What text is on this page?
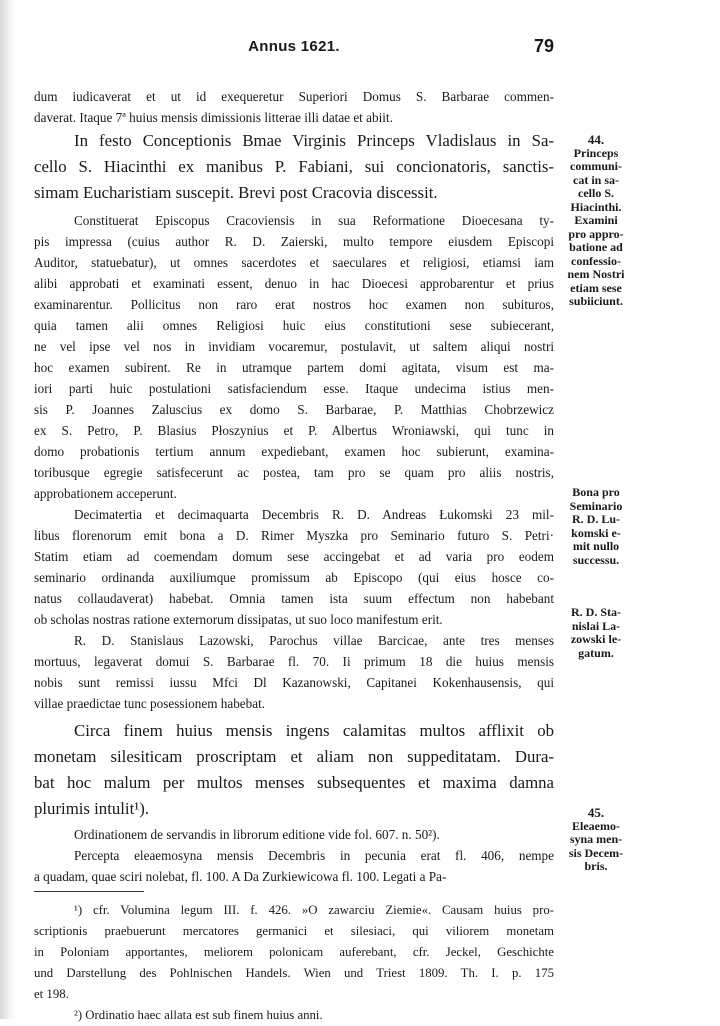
Annus 1621.	79
dum iudicaverat et ut id exequeretur Superiori Domus S. Barbarae commen-
daverat. Itaque 7ª huius mensis dimissionis litterae illi datae et abiit.
In festo Conceptionis Bmae Virginis Princeps Vladislaus in Sa-
cello S. Hiacinthi ex manibus P. Fabiani, sui concionatoris, sanctis-
simam Eucharistiam suscepit. Brevi post Cracovia discessit.
Constituerat Episcopus Cracoviensis in sua Reformatione Dioecesana ty-
pis impressa (cuius author R. D. Zaierski, multo tempore eiusdem Episcopi
Auditor, statuebatur), ut omnes sacerdotes et saeculares et religiosi, etiamsi iam
alibi approbati et examinati essent, denuo in hac Dioecesi approbarentur et prius
examinarentur. Pollicitus non raro erat nostros hoc examen non subituros,
quia tamen alii omnes Religiosi huic eius constitutioni sese subiecerant,
ne vel ipse vel nos in invidiam vocaremur, postulavit, ut saltem aliqui nostri
hoc examen subirent. Re in utramque partem domi agitata, visum est ma-
iori parti huic postulationi satisfaciendum esse. Itaque undecima istius men-
sis P. Joannes Zaluscius ex domo S. Barbarae, P. Matthias Chobrzewicz
ex S. Petro, P. Blasius Płoszynius et P. Albertus Wroniawski, qui tunc in
domo probationis tertium annum expediebant, examen hoc subierunt, examina-
toribusque egregie satisfecerunt ac postea, tam pro se quam pro aliis nostris,
approbationem acceperunt.
Decimatertia et decimaquarta Decembris R. D. Andreas Łukomski 23 mil-
libus florenorum emit bona a D. Rimer Myszka pro Seminario futuro S. Petri·
Statim etiam ad coemendam domum sese accingebat et ad varia pro eodem
seminario ordinanda auxiliumque promissum ab Episcopo (qui eius hosce co-
natus collaudaverat) habebat. Omnia tamen ista suum effectum non habebant
ob scholas nostras ratione externorum dissipatas, ut suo loco manifestum erit.
R. D. Stanislaus Lazowski, Parochus villae Barcicae, ante tres menses
mortuus, legaverat domui S. Barbarae fl. 70. Ii primum 18 die huius mensis
nobis sunt remissi iussu Mfci Dl Kazanowski, Capitanei Kokenhausensis, qui
villae praedictae tunc posessionem habebat.
Circa finem huius mensis ingens calamitas multos afflixit ob
monetam silesiticam proscriptam et aliam non suppeditatam. Dura-
bat hoc malum per multos menses subsequentes et maxima damna
plurimis intulit¹).
Ordinationem de servandis in librorum editione vide fol. 607. n. 50²).
Percepta eleaemosyna mensis Decembris in pecunia erat fl. 406, nempe
a quadam, quae sciri nolebat, fl. 100. A Da Zurkiewicowa fl. 100. Legati a Pa-
¹) cfr. Volumina legum III. f. 426. »O zawarciu Ziemie«. Causam huius pro-
scriptionis praebuerunt mercatores germanici et silesiaci, qui viliorem monetam
in Poloniam apportantes, meliorem polonicam auferebant, cfr. Jeckel, Geschichte
und Darstellung des Pohlnischen Handels. Wien und Triest 1809. Th. I. p. 175
et 198.
²) Ordinatio haec allata est sub finem huius anni.
44.
Princeps
communi-
cat in sa-
cello S.
Hiacinthi.
Examini
pro appro-
batione ad
confessio-
nem Nostri
etiam sese
subiiciunt.
Bona pro
Seminario
R. D. Lu-
komski e-
mit nullo
successu.
R. D. Sta-
nislai La-
zowski le-
gatum.
45.
Eleaemo-
syna men-
sis Decem-
bris.
